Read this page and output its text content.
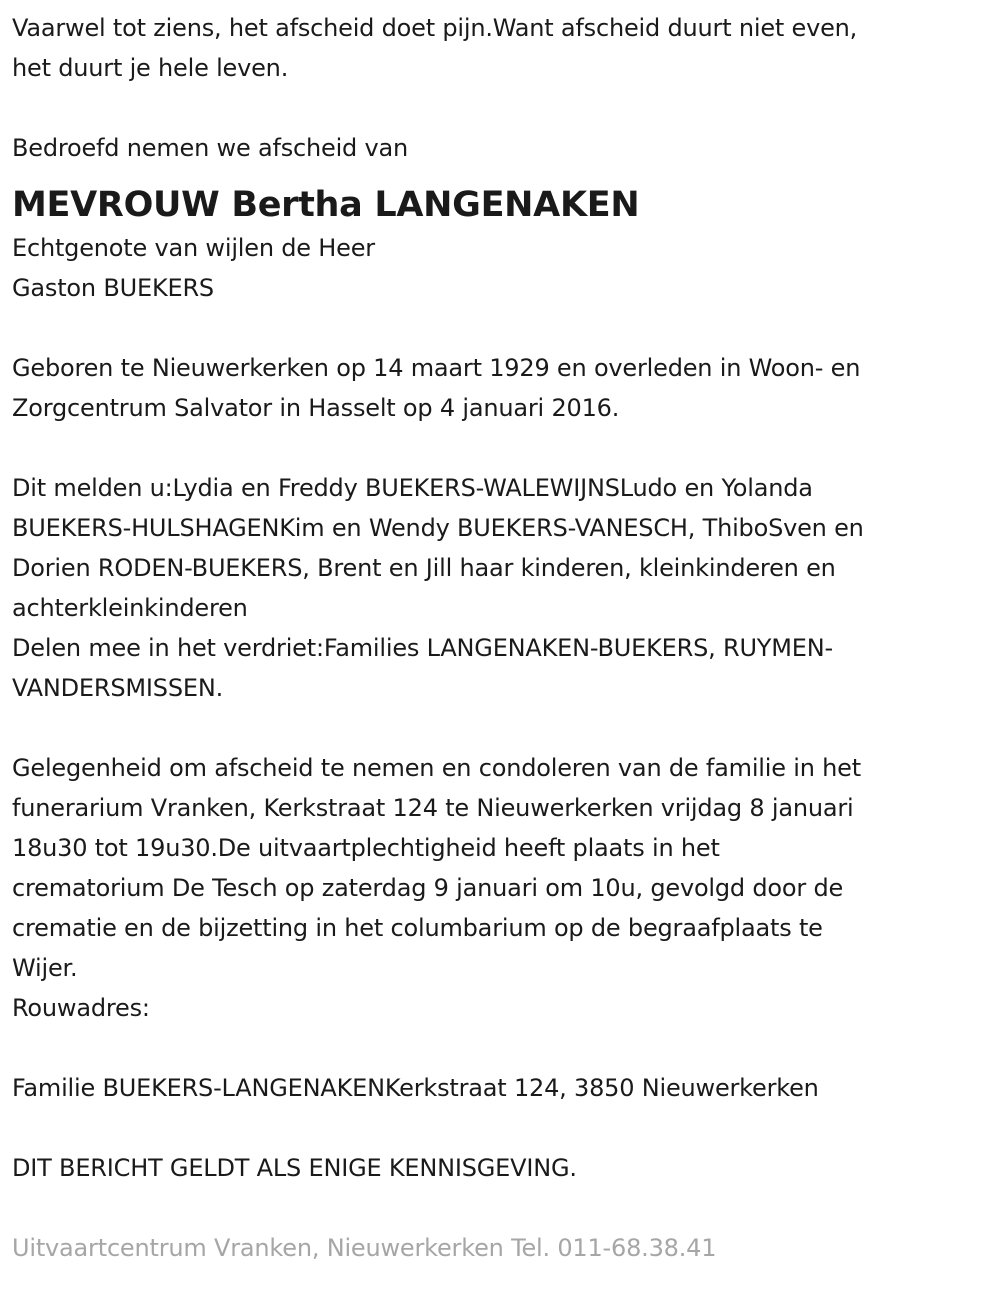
Vaarwel tot ziens, het afscheid doet pijn.Want afscheid duurt niet even,
het duurt je hele leven.
Bedroefd nemen we afscheid van
MEVROUW Bertha LANGENAKEN
Echtgenote van wijlen de Heer
Gaston BUEKERS
Geboren te Nieuwerkerken op 14 maart 1929 en overleden in Woon- en
Zorgcentrum Salvator in Hasselt op 4 januari 2016.
Dit melden u:Lydia en Freddy BUEKERS-WALEWIJNSLudo en Yolanda
BUEKERS-HULSHAGENKim en Wendy BUEKERS-VANESCH, ThiboSven en
Dorien RODEN-BUEKERS, Brent en Jill haar kinderen, kleinkinderen en
achterkleinkinderen
Delen mee in het verdriet:Families LANGENAKEN-BUEKERS, RUYMEN-
VANDERSMISSEN.
Gelegenheid om afscheid te nemen en condoleren van de familie in het
funerarium Vranken, Kerkstraat 124 te Nieuwerkerken vrijdag 8 januari
18u30 tot 19u30.De uitvaartplechtigheid heeft plaats in het
crematorium De Tesch op zaterdag 9 januari om 10u, gevolgd door de
crematie en de bijzetting in het columbarium op de begraafplaats te
Wijer.
Rouwadres:
Familie BUEKERS-LANGENAKENKerkstraat 124, 3850 Nieuwerkerken
DIT BERICHT GELDT ALS ENIGE KENNISGEVING.
Uitvaartcentrum Vranken, Nieuwerkerken Tel. 011-68.38.41
